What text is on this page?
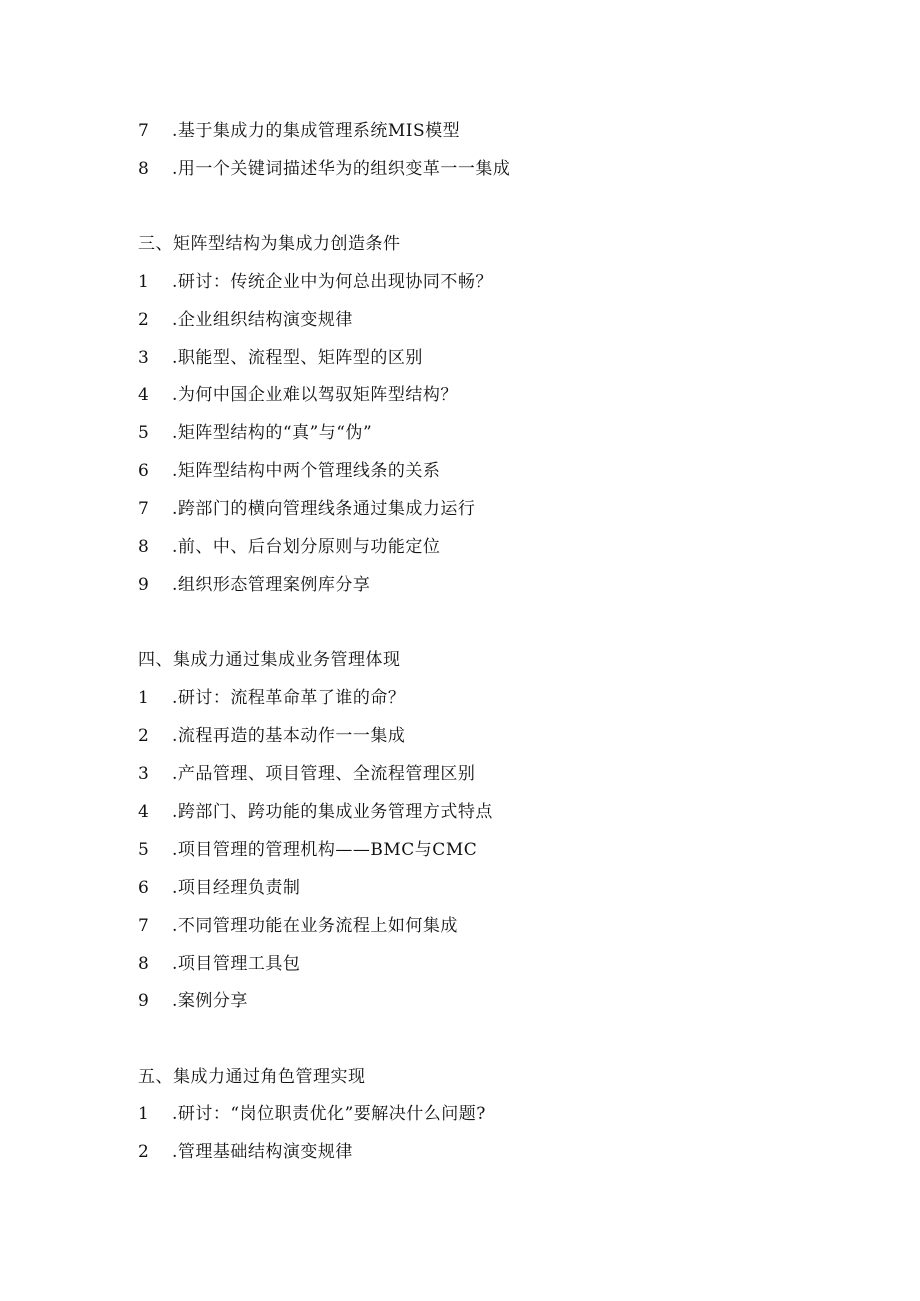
7 .基于集成力的集成管理系统MIS模型
8 .用一个关键词描述华为的组织变革一一集成
三、矩阵型结构为集成力创造条件
1 .研讨：传统企业中为何总出现协同不畅？
2 .企业组织结构演变规律
3 .职能型、流程型、矩阵型的区别
4 .为何中国企业难以驾驭矩阵型结构？
5 .矩阵型结构的“真”与“伪”
6 .矩阵型结构中两个管理线条的关系
7 .跨部门的横向管理线条通过集成力运行
8 .前、中、后台划分原则与功能定位
9 .组织形态管理案例库分享
四、集成力通过集成业务管理体现
1 .研讨：流程革命革了谁的命？
2 .流程再造的基本动作一一集成
3 .产品管理、项目管理、全流程管理区别
4 .跨部门、跨功能的集成业务管理方式特点
5 .项目管理的管理机构——BMC与CMC
6 .项目经理负责制
7 .不同管理功能在业务流程上如何集成
8 .项目管理工具包
9 .案例分享
五、集成力通过角色管理实现
1 .研讨：“岗位职责优化”要解决什么问题?
2 .管理基础结构演变规律
